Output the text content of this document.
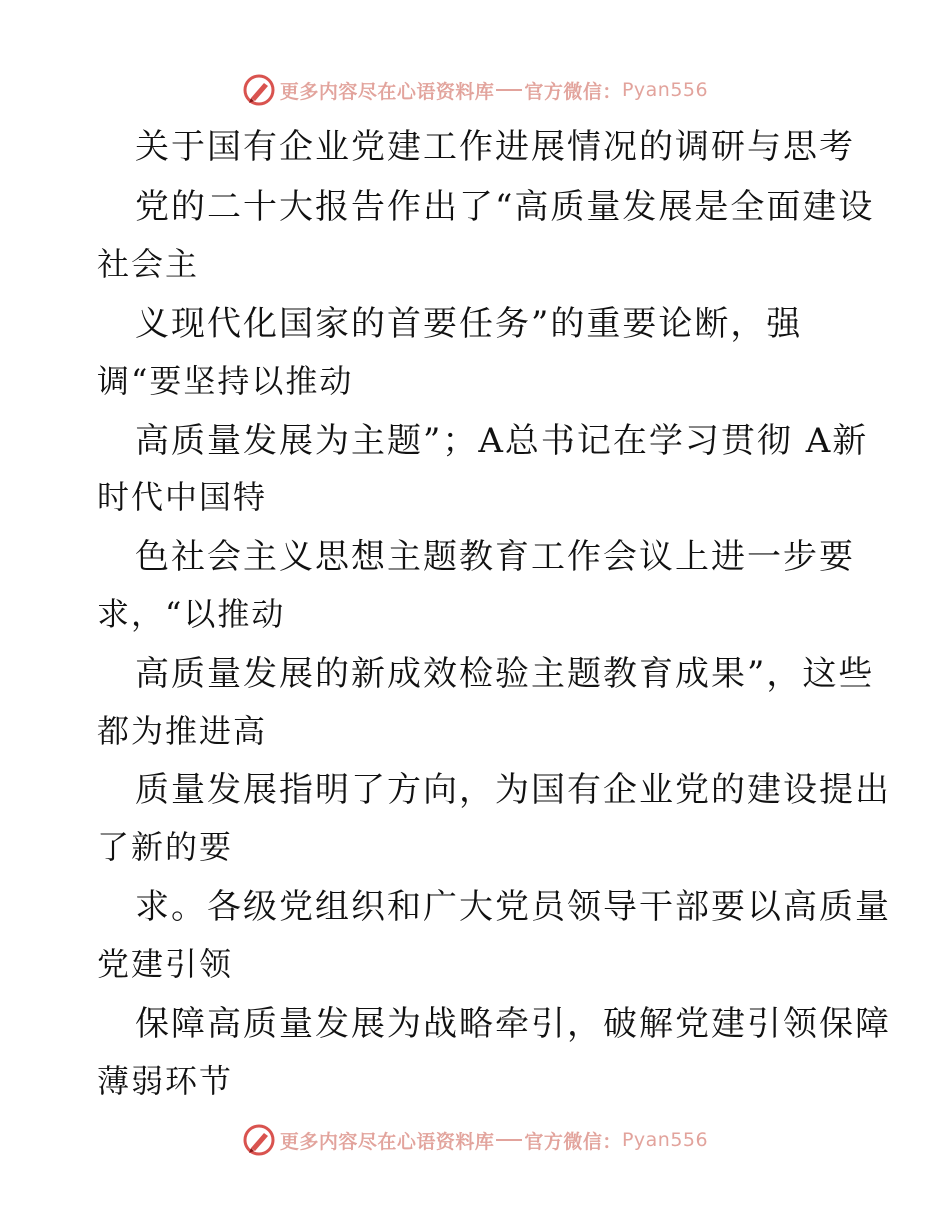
更多内容尽在心语资料库 官方微信： Pyan556
关于国有企业党建工作进展情况的调研与思考
党的二十大报告作出了“高质量发展是全面建设
社会主
义现代化国家的首要任务”的重要论断，强
调“要坚持以推动
高质量发展为主题”；A总书记在学习贯彻 A新
时代中国特
色社会主义思想主题教育工作会议上进一步要
求，“以推动
高质量发展的新成效检验主题教育成果”，这些
都为推进高
质量发展指明了方向，为国有企业党的建设提出
了新的要
求。各级党组织和广大党员领导干部要以高质量
党建引领
保障高质量发展为战略牵引，破解党建引领保障
薄弱环节
更多内容尽在心语资料库 官方微信： Pyan556
